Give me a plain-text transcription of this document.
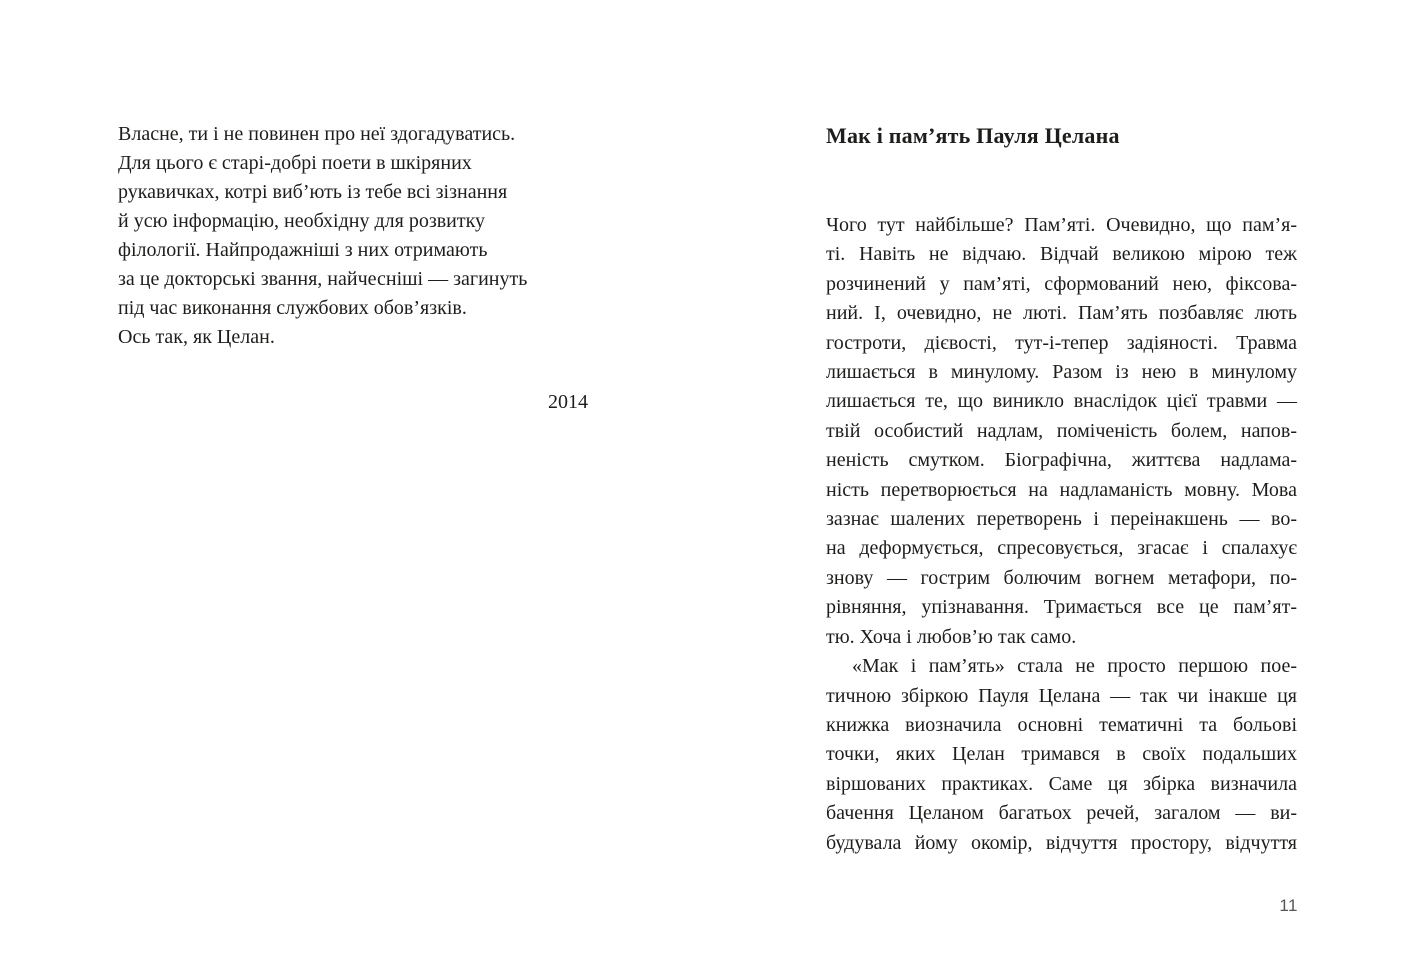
Власне, ти і не повинен про неї здогадуватись.
Для цього є старі-добрі поети в шкіряних
рукавичках, котрі виб’ють із тебе всі зізнання
й усю інформацію, необхідну для розвитку
філології. Найпродажніші з них отримають
за це докторські звання, найчесніші — загинуть
під час виконання службових обов’язків.
Ось так, як Целан.
2014
Мак і пам’ять Пауля Целана
Чого тут найбільше? Пам’яті. Очевидно, що пам’я-
ті. Навіть не відчаю. Відчай великою мірою теж
розчинений у пам’яті, сформований нею, фіксова-
ний. І, очевидно, не люті. Пам’ять позбавляє лють
гостроти, дієвості, тут-і-тепер задіяності. Травма
лишається в минулому. Разом із нею в минулому
лишається те, що виникло внаслідок цієї травми —
твій особистий надлам, поміченість болем, напов-
неність смутком. Біографічна, життєва надлама-
ність перетворюється на надламаність мовну. Мова
зазнає шалених перетворень і переінакшень — во-
на деформується, спресовується, згасає і спалахує
знову — гострим болючим вогнем метафори, по-
рівняння, упізнавання. Тримається все це пам’ят-
тю. Хоча і любов’ю так само.
«Мак і пам’ять» стала не просто першою пое-
тичною збіркою Пауля Целана — так чи інакше ця
книжка виозначила основні тематичні та больові
точки, яких Целан тримався в своїх подальших
віршованих практиках. Саме ця збірка визначила
бачення Целаном багатьох речей, загалом — ви-
будувала йому окомір, відчуття простору, відчуття
11
